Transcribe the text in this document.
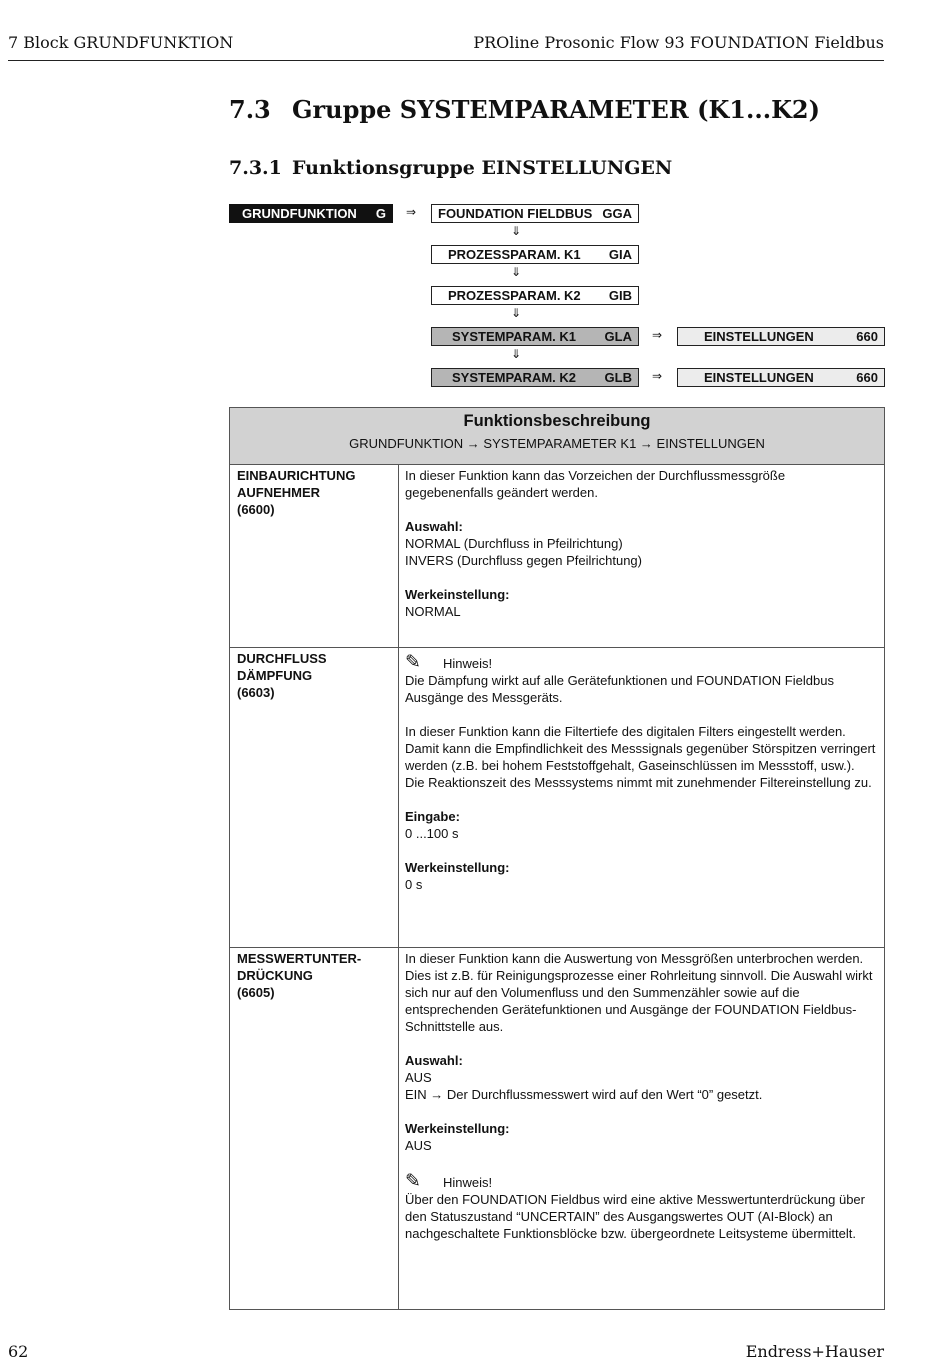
7 Block GRUNDFUNKTION	PROline Prosonic Flow 93 FOUNDATION Fieldbus
7.3 Gruppe SYSTEMPARAMETER (K1...K2)
7.3.1 Funktionsgruppe EINSTELLUNGEN
GRUNDFUNKTION G ⇒ FOUNDATION FIELDBUS GGA
⇓
PROZESSPARAM. K1 GIA
⇓
PROZESSPARAM. K2 GIB
⇓
SYSTEMPARAM. K1 GLA ⇒	EINSTELLUNGEN	660
⇓
SYSTEMPARAM. K2 GLB ⇒	EINSTELLUNGEN	660
Funktionsbeschreibung
GRUNDFUNKTION → SYSTEMPARAMETER K1 → EINSTELLUNGEN
EINBAURICHTUNG
AUFNEHMER
(6600)

In dieser Funktion kann das Vorzeichen der Durchflussmessgröße gegebenenfalls geändert werden.

Auswahl:

NORMAL (Durchfluss in Pfeilrichtung)

INVERS (Durchfluss gegen Pfeilrichtung)

Werkeinstellung:

NORMAL

DURCHFLUSS
DÄMPFUNG
(6603)
✎	Hinweis!

Die Dämpfung wirkt auf alle Gerätefunktionen und FOUNDATION Fieldbus Ausgänge des Messgeräts.

In dieser Funktion kann die Filtertiefe des digitalen Filters eingestellt werden. Damit kann die Empfindlichkeit des Messsignals gegenüber Störspitzen verringert werden (z.B. bei hohem Feststoffgehalt, Gaseinschlüssen im Messstoff, usw.). Die Reaktionszeit des Messsystems nimmt mit zunehmender Filtereinstellung zu.

Eingabe:

0 ...100 s

Werkeinstellung:

0 s

MESSWERTUNTER-
DRÜCKUNG
(6605)

In dieser Funktion kann die Auswertung von Messgrößen unterbrochen werden. Dies ist z.B. für Reinigungsprozesse einer Rohrleitung sinnvoll. Die Auswahl wirkt sich nur auf den Volumenfluss und den Summenzähler sowie auf die entsprechenden Gerätefunktionen und Ausgänge der FOUNDATION Fieldbus-Schnittstelle aus.

Auswahl:

AUS

EIN → Der Durchflussmesswert wird auf den Wert “0” gesetzt.

Werkeinstellung:

AUS

✎	Hinweis!

Über den FOUNDATION Fieldbus wird eine aktive Messwertunterdrückung über den Statuszustand “UNCERTAIN” des Ausgangswertes OUT (AI-Block) an nachgeschaltete Funktionsblöcke bzw. übergeordnete Leitsysteme übermittelt.

62	Endress+Hauser
